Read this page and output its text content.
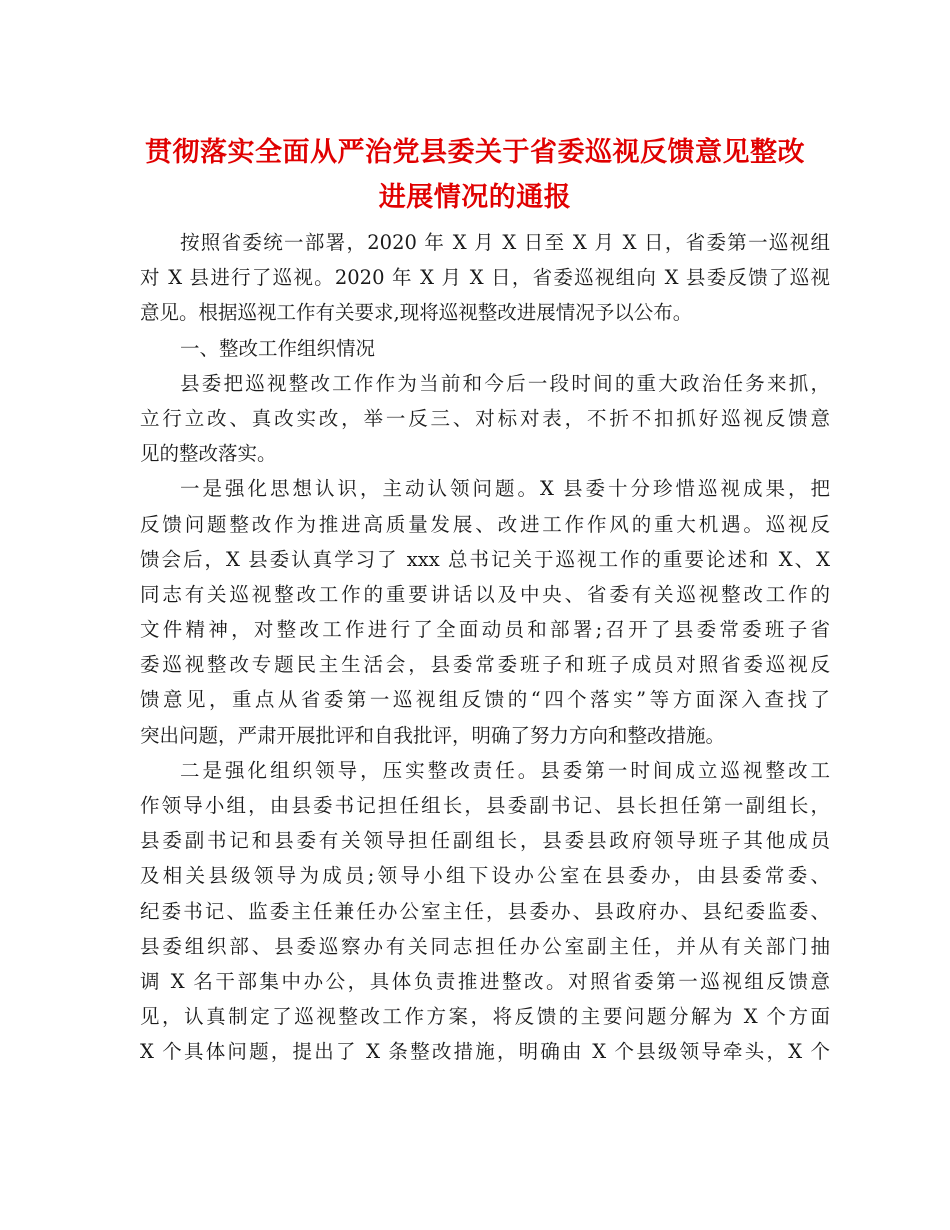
贯彻落实全面从严治党县委关于省委巡视反馈意见整改
进展情况的通报
按照省委统一部署，2020 年 X 月 X 日至 X 月 X 日，省委第一巡视组
对 X 县进行了巡视。2020 年 X 月 X 日，省委巡视组向 X 县委反馈了巡视
意见。根据巡视工作有关要求,现将巡视整改进展情况予以公布。
一、整改工作组织情况
县委把巡视整改工作作为当前和今后一段时间的重大政治任务来抓，
立行立改、真改实改，举一反三、对标对表，不折不扣抓好巡视反馈意
见的整改落实。
一是强化思想认识，主动认领问题。X 县委十分珍惜巡视成果，把
反馈问题整改作为推进高质量发展、改进工作作风的重大机遇。巡视反
馈会后，X 县委认真学习了 xxx 总书记关于巡视工作的重要论述和 X、X
同志有关巡视整改工作的重要讲话以及中央、省委有关巡视整改工作的
文件精神，对整改工作进行了全面动员和部署;召开了县委常委班子省
委巡视整改专题民主生活会，县委常委班子和班子成员对照省委巡视反
馈意见，重点从省委第一巡视组反馈的“四个落实”等方面深入查找了
突出问题，严肃开展批评和自我批评，明确了努力方向和整改措施。
二是强化组织领导，压实整改责任。县委第一时间成立巡视整改工
作领导小组，由县委书记担任组长，县委副书记、县长担任第一副组长，
县委副书记和县委有关领导担任副组长，县委县政府领导班子其他成员
及相关县级领导为成员;领导小组下设办公室在县委办，由县委常委、
纪委书记、监委主任兼任办公室主任，县委办、县政府办、县纪委监委、
县委组织部、县委巡察办有关同志担任办公室副主任，并从有关部门抽
调 X 名干部集中办公，具体负责推进整改。对照省委第一巡视组反馈意
见，认真制定了巡视整改工作方案，将反馈的主要问题分解为 X 个方面
X 个具体问题，提出了 X 条整改措施，明确由 X 个县级领导牵头，X 个
